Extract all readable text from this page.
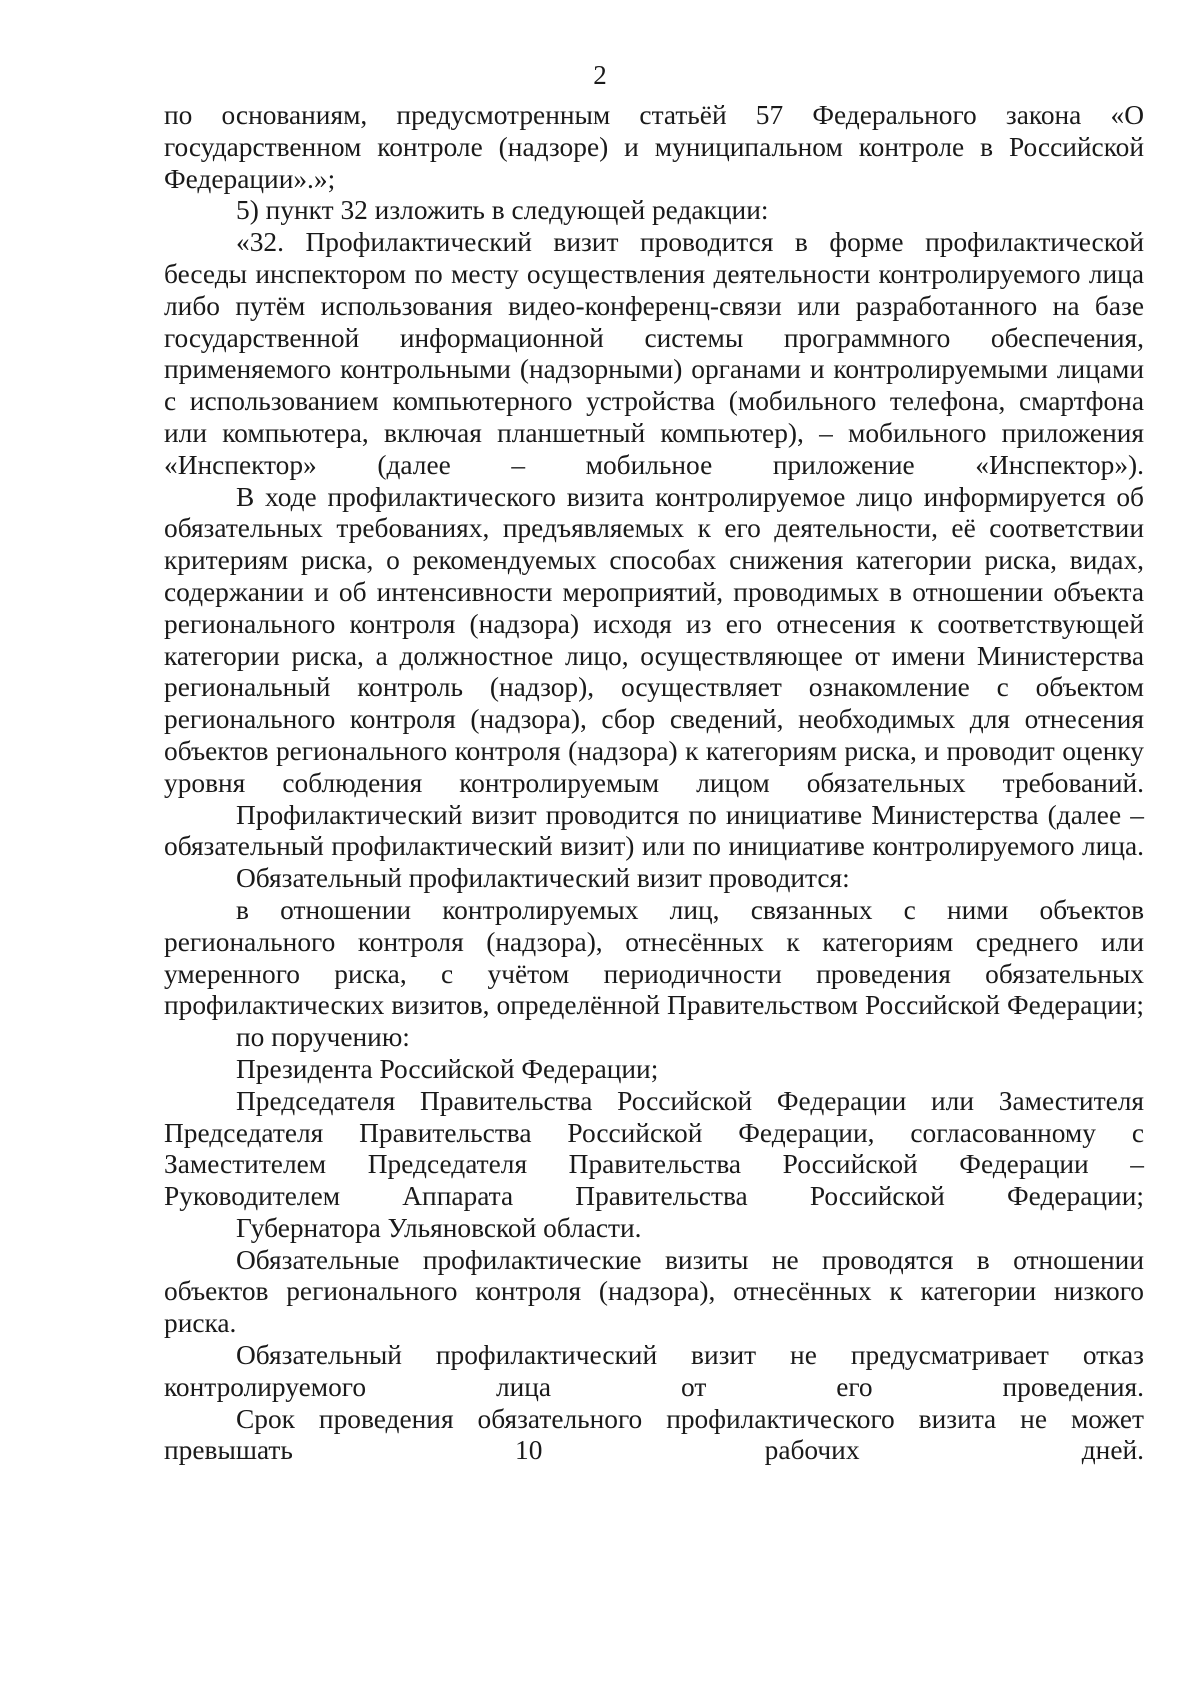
2

по основаниям, предусмотренным статьёй 57 Федерального закона «О государственном контроле (надзоре) и муниципальном контроле в Российской Федерации».»;

5) пункт 32 изложить в следующей редакции:

«32. Профилактический визит проводится в форме профилактической беседы инспектором по месту осуществления деятельности контролируемого лица либо путём использования видео-конференц-связи или разработанного на базе государственной информационной системы программного обеспечения, применяемого контрольными (надзорными) органами и контролируемыми лицами с использованием компьютерного устройства (мобильного телефона, смартфона или компьютера, включая планшетный компьютер), – мобильного приложения «Инспектор» (далее – мобильное приложение «Инспектор»).

В ходе профилактического визита контролируемое лицо информируется об обязательных требованиях, предъявляемых к его деятельности, её соответствии критериям риска, о рекомендуемых способах снижения категории риска, видах, содержании и об интенсивности мероприятий, проводимых в отношении объекта регионального контроля (надзора) исходя из его отнесения к соответствующей категории риска, а должностное лицо, осуществляющее от имени Министерства региональный контроль (надзор), осуществляет ознакомление с объектом регионального контроля (надзора), сбор сведений, необходимых для отнесения объектов регионального контроля (надзора) к категориям риска, и проводит оценку уровня соблюдения контролируемым лицом обязательных требований.

Профилактический визит проводится по инициативе Министерства (далее – обязательный профилактический визит) или по инициативе контролируемого лица.

Обязательный профилактический визит проводится:

в отношении контролируемых лиц, связанных с ними объектов регионального контроля (надзора), отнесённых к категориям среднего или умеренного риска, с учётом периодичности проведения обязательных профилактических визитов, определённой Правительством Российской Федерации;

по поручению:

Президента Российской Федерации;

Председателя Правительства Российской Федерации или Заместителя Председателя Правительства Российской Федерации, согласованному с Заместителем Председателя Правительства Российской Федерации – Руководителем Аппарата Правительства Российской Федерации;

Губернатора Ульяновской области.

Обязательные профилактические визиты не проводятся в отношении объектов регионального контроля (надзора), отнесённых к категории низкого риска.

Обязательный профилактический визит не предусматривает отказ контролируемого лица от его проведения.

Срок проведения обязательного профилактического визита не может превышать 10 рабочих дней.
